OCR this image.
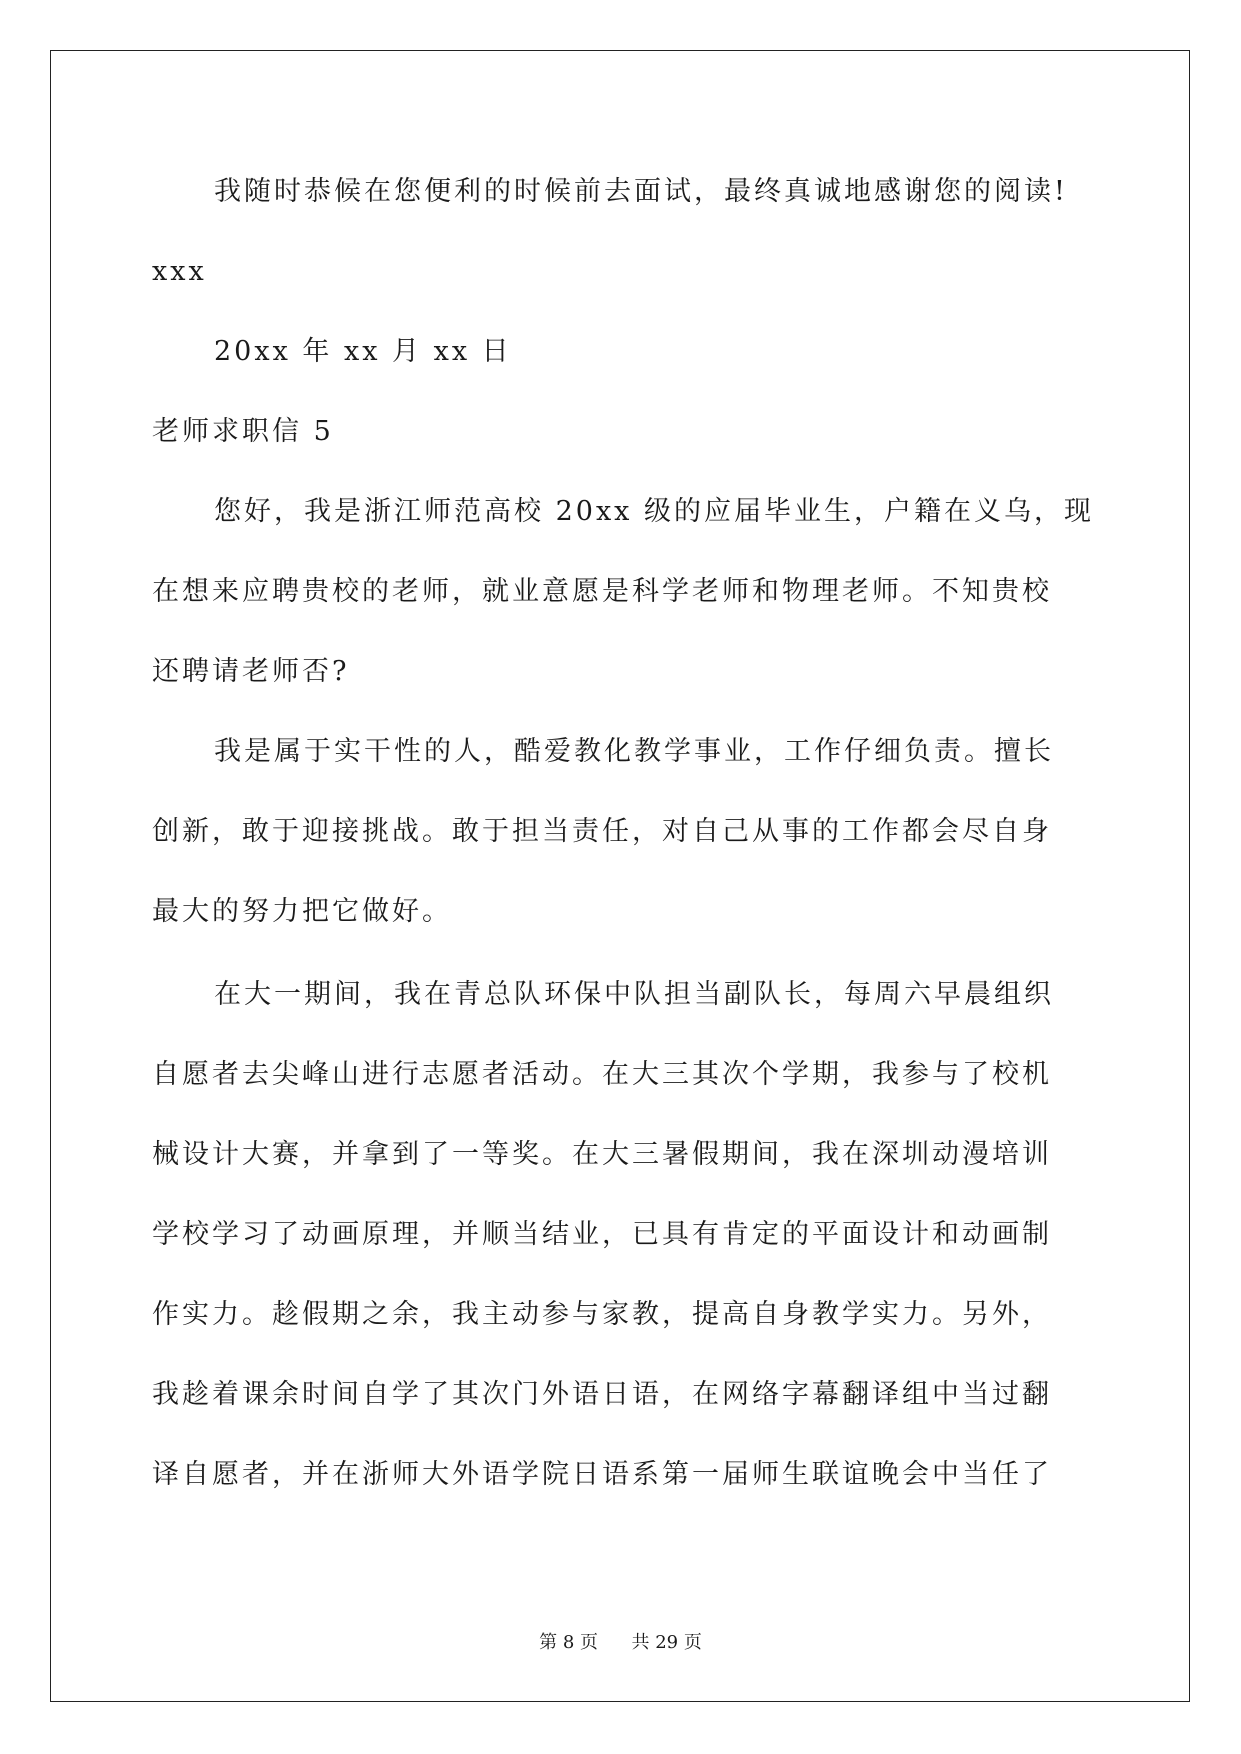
我随时恭候在您便利的时候前去面试，最终真诚地感谢您的阅读!
xxx
20xx 年 xx 月 xx 日
老师求职信 5
您好，我是浙江师范高校 20xx 级的应届毕业生，户籍在义乌，现
在想来应聘贵校的老师，就业意愿是科学老师和物理老师。不知贵校
还聘请老师否?
我是属于实干性的人，酷爱教化教学事业，工作仔细负责。擅长
创新，敢于迎接挑战。敢于担当责任，对自己从事的工作都会尽自身
最大的努力把它做好。
在大一期间，我在青总队环保中队担当副队长，每周六早晨组织
自愿者去尖峰山进行志愿者活动。在大三其次个学期，我参与了校机
械设计大赛，并拿到了一等奖。在大三暑假期间，我在深圳动漫培训
学校学习了动画原理，并顺当结业，已具有肯定的平面设计和动画制
作实力。趁假期之余，我主动参与家教，提高自身教学实力。另外，
我趁着课余时间自学了其次门外语日语，在网络字幕翻译组中当过翻
译自愿者，并在浙师大外语学院日语系第一届师生联谊晚会中当任了
第 8 页 共 29 页
